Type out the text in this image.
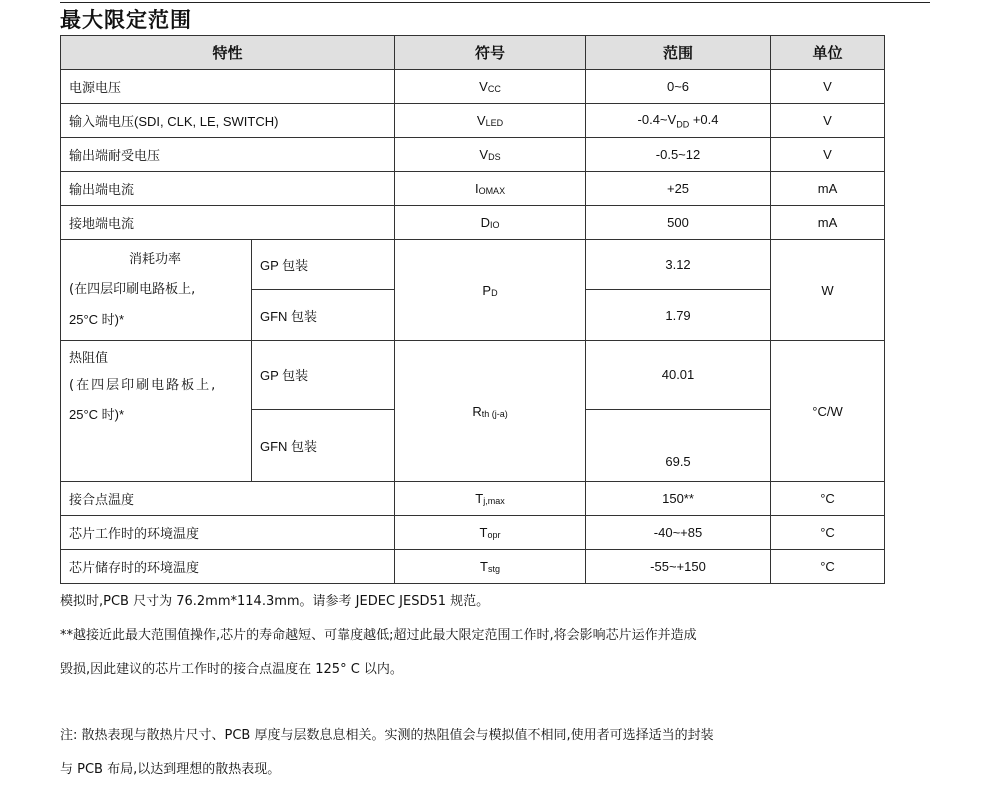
最大限定范围
特性		符号	范围	单位
电源电压		$V_{CC}$	0~6	V
输入端电压(SDI, CLK, LE, SWITCH)		$V_{LED}$	$-0.4\sim V_{DD} +0.4$	V
输出端耐受电压		$V_{DS}$	-0.5~12	V
输出端电流		$I_{OMAX}$	+25	mA
接地端电流		$D_{IO}$	500	mA

消耗功率
(在四层印刷电路板上,
25°C 时)*	GP 包装	$P_D$	3.12	W
	GFN 包装		1.79	

热阻值
(在四层印刷电路板上,
25°C 时)*	GP 包装	$R_{th (j-a)}$	40.01	°C/W
	GFN 包装		69.5	
接合点温度		$T_{j,max}$	150**	°C
芯片工作时的环境温度		$T_{opr}$	-40~+85	°C
芯片储存时的环境温度		$T_{stg}$	-55~+150	°C
模拟时,PCB 尺寸为 76.2mm*114.3mm。请参考 JEDEC JESD51 规范。
**越接近此最大范围值操作,芯片的寿命越短、可靠度越低;超过此最大限定范围工作时,将会影响芯片运作并造成
毁损,因此建议的芯片工作时的接合点温度在 125° C 以内。
注: 散热表现与散热片尺寸、PCB 厚度与层数息息相关。实测的热阻值会与模拟值不相同,使用者可选择适当的封装
与 PCB 布局,以达到理想的散热表现。
